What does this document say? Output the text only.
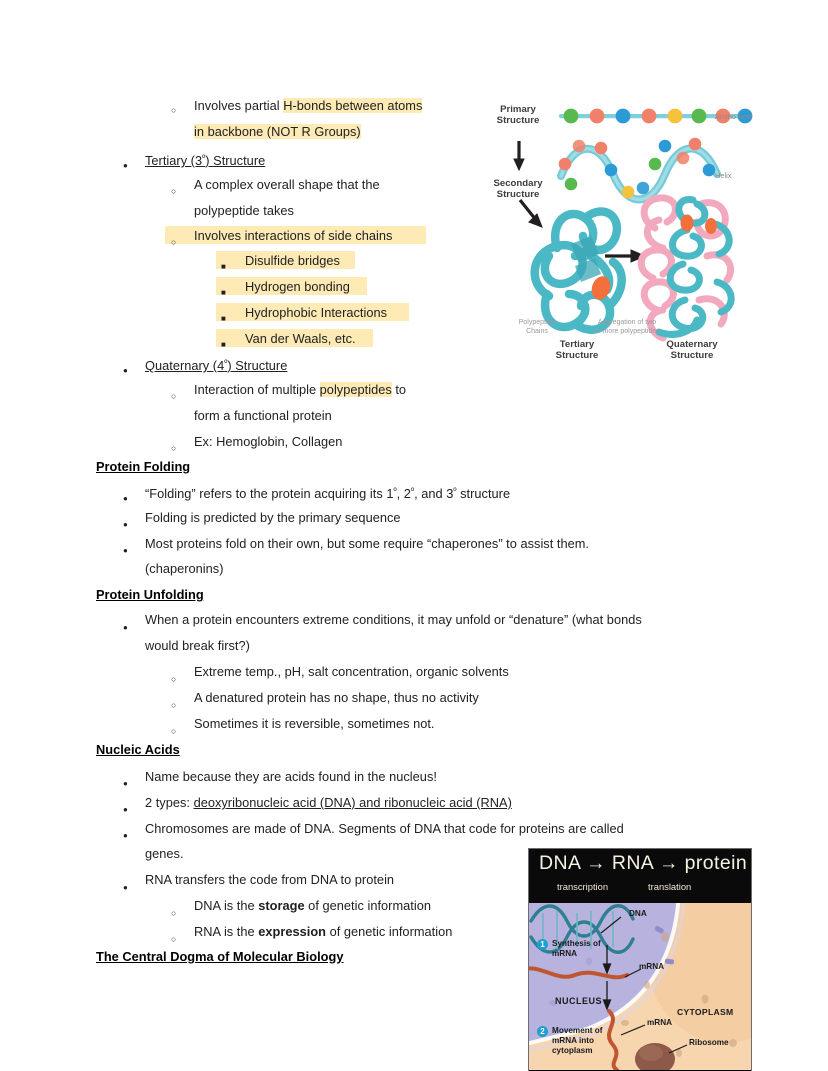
○
Involves partial H-bonds between atoms
in backbone (NOT R Groups)
●
Tertiary $(3^º)$ Structure
○
A complex overall shape that the
polypeptide takes
○
Involves interactions of side chains
■
Disulfide bridges
■
Hydrogen bonding
■
Hydrophobic Interactions
■
Van der Waals, etc.
●
Quaternary $(4^º)$ Structure
○
Interaction of multiple polypeptides to
form a functional protein
○
Ex: Hemoglobin, Collagen
Protein Folding
●
“Folding” refers to the protein acquiring its $1^º$, $2^º$, and $3^º$ structure
●
Folding is predicted by the primary sequence
●
Most proteins fold on their own, but some require “chaperones” to assist them.
(chaperonins)
Protein Unfolding
●
When a protein encounters extreme conditions, it may unfold or “denature” (what bonds
would break first?)
○
Extreme temp., pH, salt concentration, organic solvents
○
A denatured protein has no shape, thus no activity
○
Sometimes it is reversible, sometimes not.
Nucleic Acids
●
Name because they are acids found in the nucleus!
●
2 types: deoxyribonucleic acid (DNA) and ribonucleic acid (RNA)
●
Chromosomes are made of DNA. Segments of DNA that code for proteins are called
genes.
●
RNA transfers the code from DNA to protein
○
DNA is the storage of genetic information
○
RNA is the expression of genetic information
The Central Dogma of Molecular Biology
Primary
Structure
Secondary
Structure
Tertiary
Structure
Quaternary
Structure
Amino Acid
Helix
Polypeptide
Chains
Aggregation of two
or more polypeptides
DNA → RNA → protein
transcription	translation
DNA
1 Synthesis of
mRNA
mRNA
NUCLEUS
CYTOPLASM
2 Movement of
mRNA into
cytoplasm
mRNA
Ribosome
